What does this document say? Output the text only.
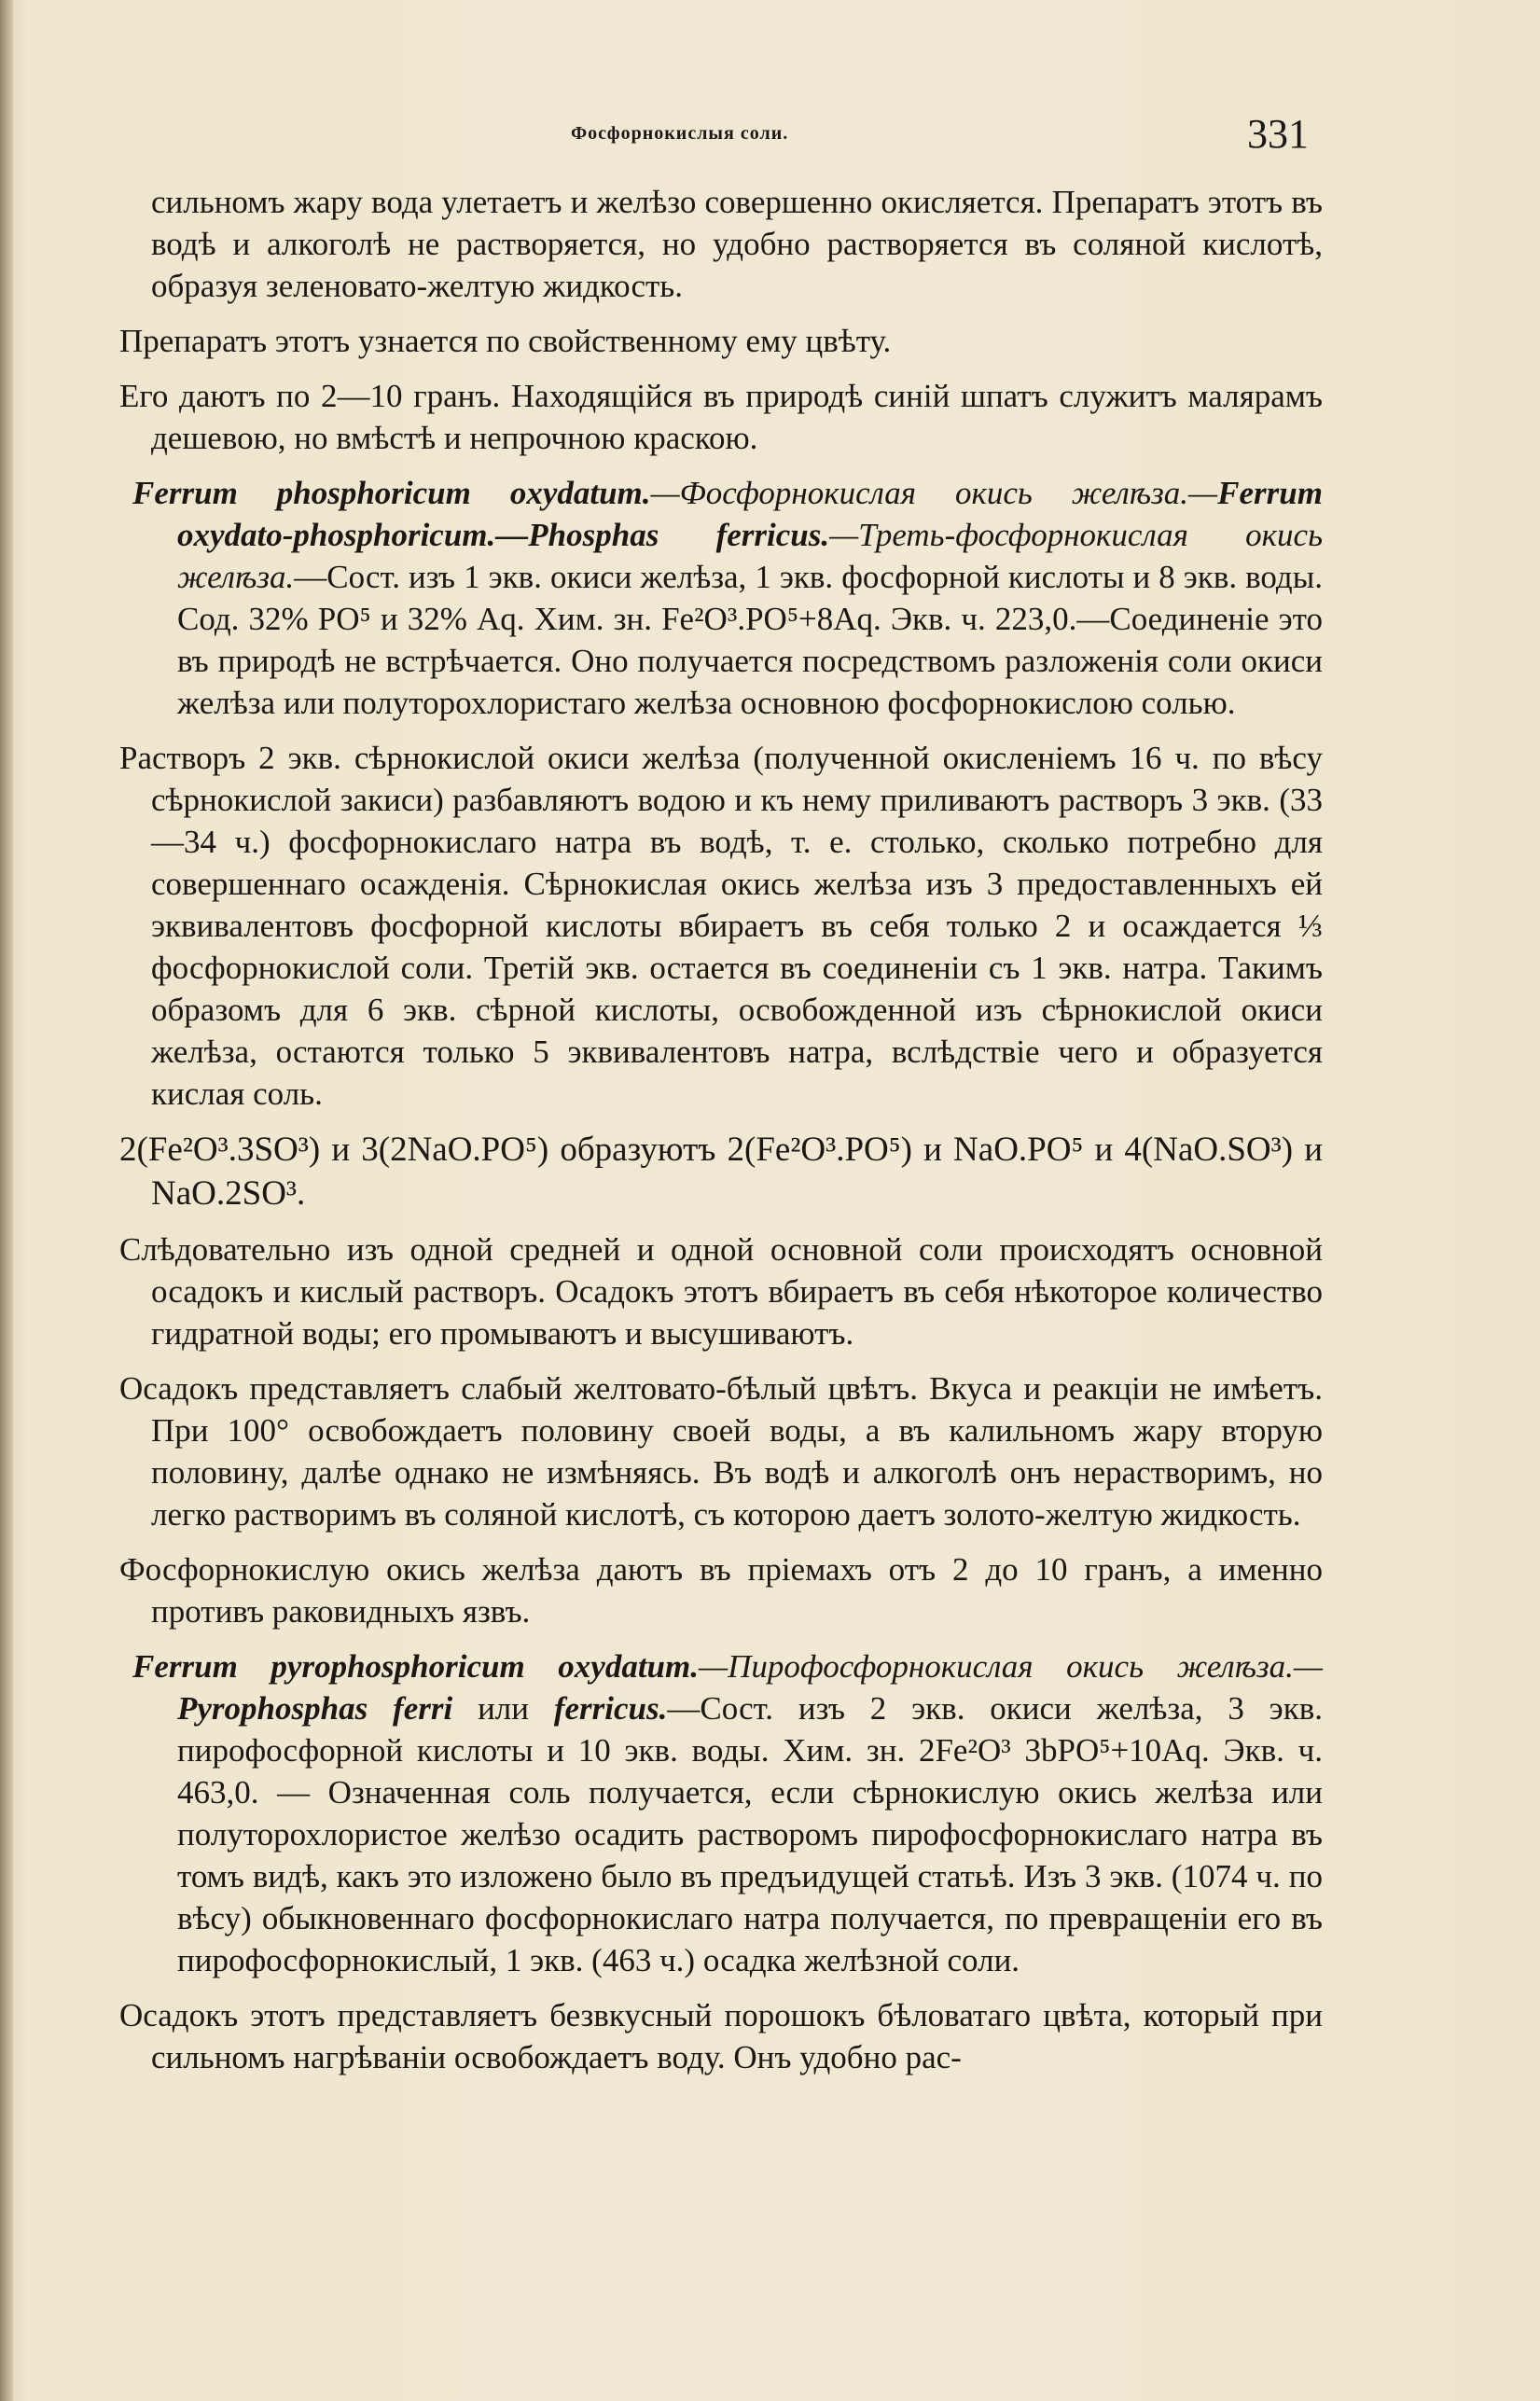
Фосфорнокислыя соли.	331

сильномъ жару вода улетаетъ и желѣзо совершенно окисляется. Препаратъ этотъ въ водѣ и алкоголѣ не растворяется, но удобно растворяется въ соляной кислотѣ, образуя зеленовато-желтую жидкость.

Препаратъ этотъ узнается по свойственному ему цвѣту.

Его даютъ по 2—10 гранъ. Находящійся въ природѣ синій шпатъ служитъ малярамъ дешевою, но вмѣстѣ и непрочною краскою.

Ferrum phosphoricum oxydatum.—Фосфорнокислая окись желѣза.—Ferrum oxydato-phosphoricum.—Phosphas ferricus.—Треть-фосфорнокислая окись желѣза.—Сост. изъ 1 экв. окиси желѣза, 1 экв. фосфорной кислоты и 8 экв. воды. Сод. 32% PO⁵ и 32% Aq. Хим. зн. Fe²O³.PO⁵+8Aq. Экв. ч. 223,0.—Соединеніе это въ природѣ не встрѣчается. Оно получается посредствомъ разложенія соли окиси желѣза или полуторохлористаго желѣза основною фосфорнокислою солью.

Растворъ 2 экв. сѣрнокислой окиси желѣза (полученной окисленіемъ 16 ч. по вѣсу сѣрнокислой закиси) разбавляютъ водою и къ нему приливаютъ растворъ 3 экв. (33—34 ч.) фосфорнокислаго натра въ водѣ, т. е. столько, сколько потребно для совершеннаго осажденія. Сѣрнокислая окись желѣза изъ 3 предоставленныхъ ей эквивалентовъ фосфорной кислоты вбираетъ въ себя только 2 и осаждается ⅓ фосфорнокислой соли. Третій экв. остается въ соединеніи съ 1 экв. натра. Такимъ образомъ для 6 экв. сѣрной кислоты, освобожденной изъ сѣрнокислой окиси желѣза, остаются только 5 эквивалентовъ натра, вслѣдствіе чего и образуется кислая соль.

2(Fe²O³.3SO³) и 3(2NaO.PO⁵) образуютъ 2(Fe²O³.PO⁵) и NaO.PO⁵ и 4(NaO.SO³) и NaO.2SO³.

Слѣдовательно изъ одной средней и одной основной соли происходятъ основной осадокъ и кислый растворъ. Осадокъ этотъ вбираетъ въ себя нѣкоторое количество гидратной воды; его промываютъ и высушиваютъ.

Осадокъ представляетъ слабый желтовато-бѣлый цвѣтъ. Вкуса и реакціи не имѣетъ. При 100° освобождаетъ половину своей воды, а въ калильномъ жару вторую половину, далѣе однако не измѣняясь. Въ водѣ и алкоголѣ онъ нерастворимъ, но легко растворимъ въ соляной кислотѣ, съ которою даетъ золото-желтую жидкость.

Фосфорнокислую окись желѣза даютъ въ пріемахъ отъ 2 до 10 гранъ, а именно противъ раковидныхъ язвъ.

Ferrum pyrophosphoricum oxydatum.—Пирофосфорнокислая окись желѣза.—Pyrophosphas ferri или ferricus.—Сост. изъ 2 экв. окиси желѣза, 3 экв. пирофосфорной кислоты и 10 экв. воды. Хим. зн. 2Fe²O³ 3bPO⁵+10Aq. Экв. ч. 463,0. — Означенная соль получается, если сѣрнокислую окись желѣза или полуторохлористое желѣзо осадить растворомъ пирофосфорнокислаго натра въ томъ видѣ, какъ это изложено было въ предъидущей статьѣ. Изъ 3 экв. (1074 ч. по вѣсу) обыкновеннаго фосфорнокислаго натра получается, по превращеніи его въ пирофосфорнокислый, 1 экв. (463 ч.) осадка желѣзной соли.

Осадокъ этотъ представляетъ безвкусный порошокъ бѣловатаго цвѣта, который при сильномъ нагрѣваніи освобождаетъ воду. Онъ удобно рас-
